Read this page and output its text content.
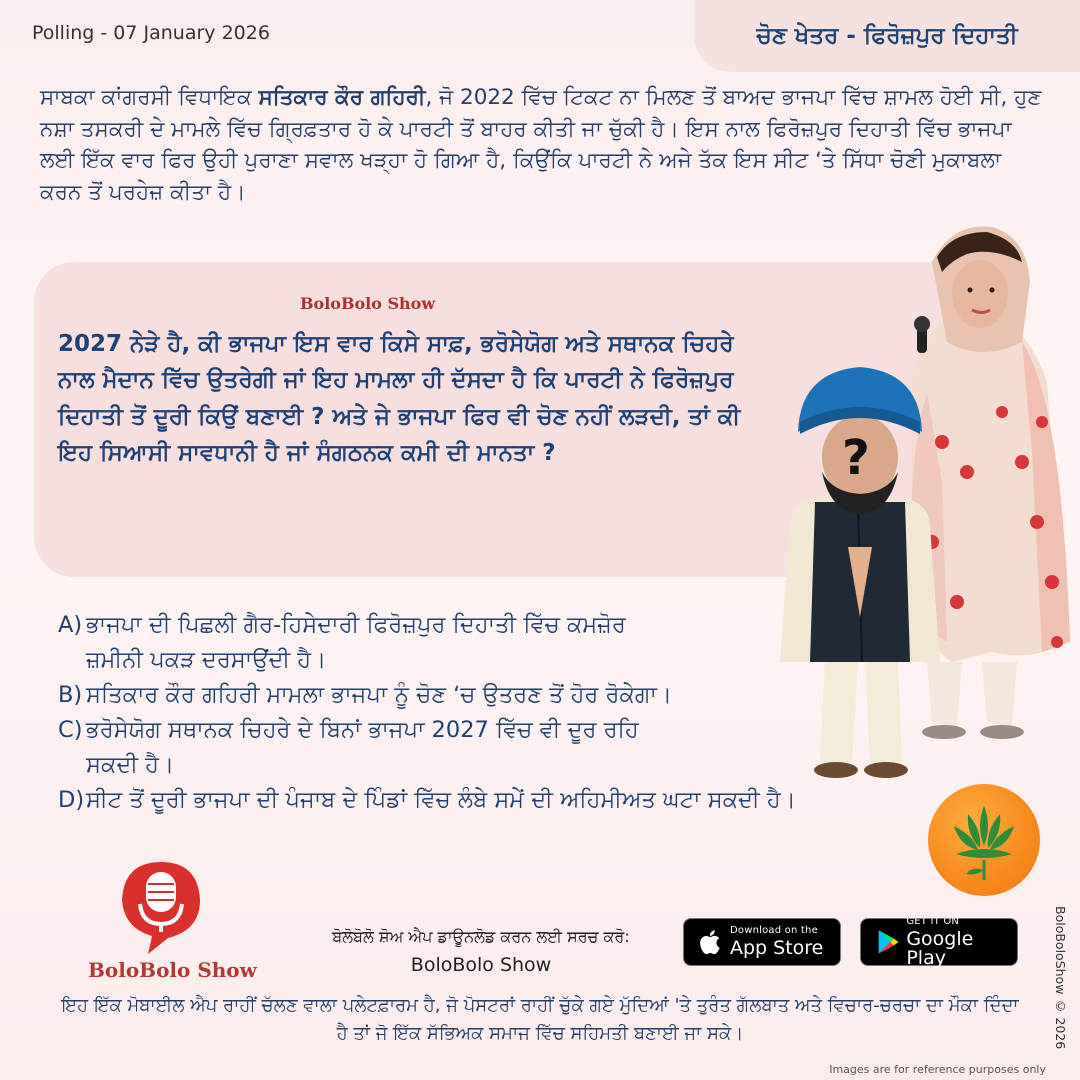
Polling - 07 January 2026	ਚੋਣ ਖੇਤਰ - ਫਿਰੋਜ਼ਪੁਰ ਦਿਹਾਤੀ
ਸਾਬਕਾ ਕਾਂਗਰਸੀ ਵਿਧਾਇਕ ਸਤਿਕਾਰ ਕੌਰ ਗਹਿਰੀ, ਜੋ 2022 ਵਿੱਚ ਟਿਕਟ ਨਾ ਮਿਲਣ ਤੋਂ ਬਾਅਦ ਭਾਜਪਾ ਵਿੱਚ ਸ਼ਾਮਲ ਹੋਈ ਸੀ, ਹੁਣ ਨਸ਼ਾ ਤਸਕਰੀ ਦੇ ਮਾਮਲੇ ਵਿੱਚ ਗ੍ਰਿਫ਼ਤਾਰ ਹੋ ਕੇ ਪਾਰਟੀ ਤੋਂ ਬਾਹਰ ਕੀਤੀ ਜਾ ਚੁੱਕੀ ਹੈ। ਇਸ ਨਾਲ ਫਿਰੋਜ਼ਪੁਰ ਦਿਹਾਤੀ ਵਿੱਚ ਭਾਜਪਾ ਲਈ ਇੱਕ ਵਾਰ ਫਿਰ ਉਹੀ ਪੁਰਾਣਾ ਸਵਾਲ ਖੜ੍ਹਾ ਹੋ ਗਿਆ ਹੈ, ਕਿਉਂਕਿ ਪਾਰਟੀ ਨੇ ਅਜੇ ਤੱਕ ਇਸ ਸੀਟ ‘ਤੇ ਸਿੱਧਾ ਚੋਣੀ ਮੁਕਾਬਲਾ ਕਰਨ ਤੋਂ ਪਰਹੇਜ਼ ਕੀਤਾ ਹੈ।
BoloBolo Show
2027 ਨੇੜੇ ਹੈ, ਕੀ ਭਾਜਪਾ ਇਸ ਵਾਰ ਕਿਸੇ ਸਾਫ਼, ਭਰੋਸੇਯੋਗ ਅਤੇ ਸਥਾਨਕ ਚਿਹਰੇ ਨਾਲ ਮੈਦਾਨ ਵਿੱਚ ਉਤਰੇਗੀ ਜਾਂ ਇਹ ਮਾਮਲਾ ਹੀ ਦੱਸਦਾ ਹੈ ਕਿ ਪਾਰਟੀ ਨੇ ਫਿਰੋਜ਼ਪੁਰ ਦਿਹਾਤੀ ਤੋਂ ਦੂਰੀ ਕਿਉਂ ਬਣਾਈ ? ਅਤੇ ਜੇ ਭਾਜਪਾ ਫਿਰ ਵੀ ਚੋਣ ਨਹੀਂ ਲੜਦੀ, ਤਾਂ ਕੀ ਇਹ ਸਿਆਸੀ ਸਾਵਧਾਨੀ ਹੈ ਜਾਂ ਸੰਗਠਨਕ ਕਮੀ ਦੀ ਮਾਨਤਾ ?	?
A) ਭਾਜਪਾ ਦੀ ਪਿਛਲੀ ਗੈਰ-ਹਿਸੇਦਾਰੀ ਫਿਰੋਜ਼ਪੁਰ ਦਿਹਾਤੀ ਵਿੱਚ ਕਮਜ਼ੋਰ ਜ਼ਮੀਨੀ ਪਕੜ ਦਰਸਾਉਂਦੀ ਹੈ।
B) ਸਤਿਕਾਰ ਕੌਰ ਗਹਿਰੀ ਮਾਮਲਾ ਭਾਜਪਾ ਨੂੰ ਚੋਣ ‘ਚ ਉਤਰਣ ਤੋਂ ਹੋਰ ਰੋਕੇਗਾ।
C) ਭਰੋਸੇਯੋਗ ਸਥਾਨਕ ਚਿਹਰੇ ਦੇ ਬਿਨਾਂ ਭਾਜਪਾ 2027 ਵਿੱਚ ਵੀ ਦੂਰ ਰਹਿ ਸਕਦੀ ਹੈ।
D) ਸੀਟ ਤੋਂ ਦੂਰੀ ਭਾਜਪਾ ਦੀ ਪੰਜਾਬ ਦੇ ਪਿੰਡਾਂ ਵਿੱਚ ਲੰਬੇ ਸਮੇਂ ਦੀ ਅਹਿਮੀਅਤ ਘਟਾ ਸਕਦੀ ਹੈ।
BoloBolo Show
ਬੋਲੋਬੋਲੋ ਸ਼ੋਅ ਐਪ ਡਾਊਨਲੋਡ ਕਰਨ ਲਈ ਸਰਚ ਕਰੋ:
BoloBolo Show
Download on the
App Store
GET IT ON
Google Play
ਇਹ ਇੱਕ ਮੋਬਾਈਲ ਐਪ ਰਾਹੀਂ ਚੱਲਣ ਵਾਲਾ ਪਲੇਟਫ਼ਾਰਮ ਹੈ, ਜੋ ਪੋਸਟਰਾਂ ਰਾਹੀਂ ਚੁੱਕੇ ਗਏ ਮੁੱਦਿਆਂ 'ਤੇ ਤੁਰੰਤ ਗੱਲਬਾਤ ਅਤੇ ਵਿਚਾਰ-ਚਰਚਾ ਦਾ ਮੌਕਾ ਦਿੰਦਾ ਹੈ ਤਾਂ ਜੋ ਇੱਕ ਸੱਭਿਅਕ ਸਮਾਜ ਵਿੱਚ ਸਹਿਮਤੀ ਬਣਾਈ ਜਾ ਸਕੇ।	BoloBoloShow © 2026
Images are for reference purposes only
